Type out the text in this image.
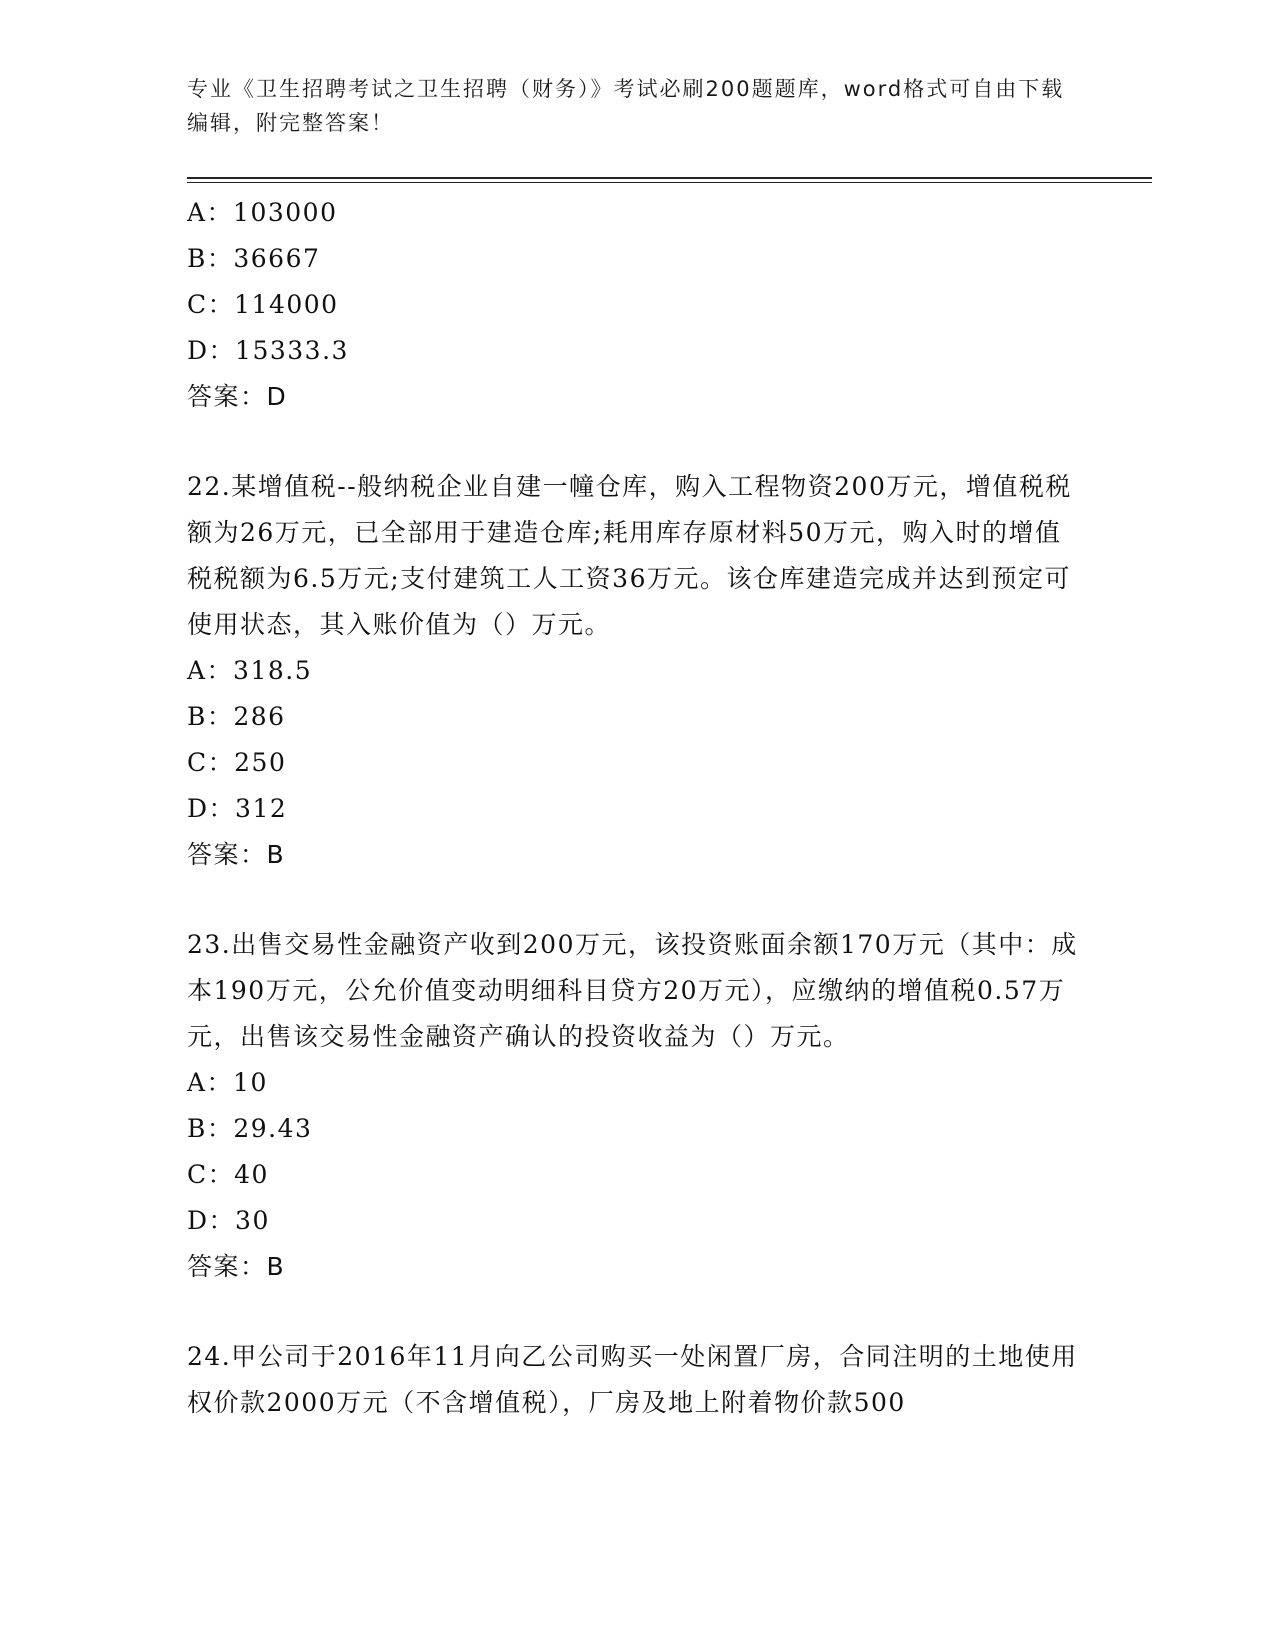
专业《卫生招聘考试之卫生招聘（财务）》考试必刷200题题库，word格式可自由下载编辑，附完整答案！
A：103000
B：36667
C：114000
D：15333.3
答案：D
22.某增值税--般纳税企业自建一幢仓库，购入工程物资200万元，增值税税额为26万元，已全部用于建造仓库;耗用库存原材料50万元，购入时的增值税税额为6.5万元;支付建筑工人工资36万元。该仓库建造完成并达到预定可使用状态，其入账价值为（）万元。
A：318.5
B：286
C：250
D：312
答案：B
23.出售交易性金融资产收到200万元，该投资账面余额170万元（其中：成本190万元，公允价值变动明细科目贷方20万元），应缴纳的增值税0.57万元，出售该交易性金融资产确认的投资收益为（）万元。
A：10
B：29.43
C：40
D：30
答案：B
24.甲公司于2016年11月向乙公司购买一处闲置厂房，合同注明的土地使用权价款2000万元（不含增值税），厂房及地上附着物价款500
